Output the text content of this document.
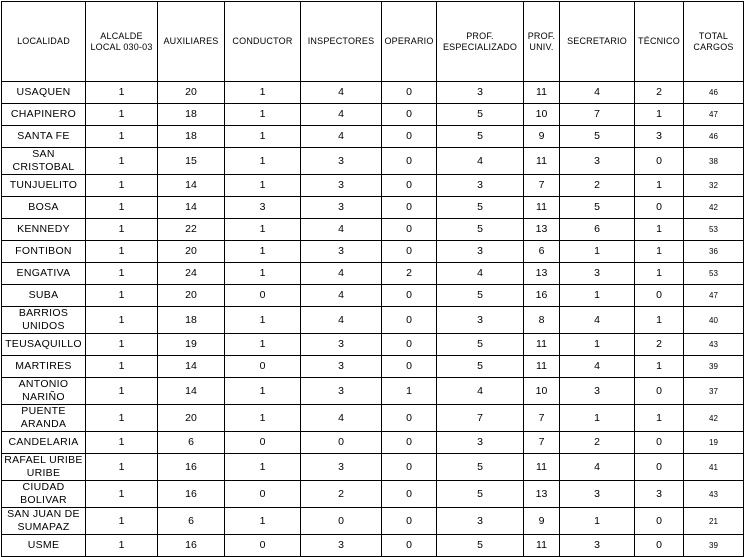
LOCALIDAD	ALCALDE LOCAL 030-03	AUXILIARES	CONDUCTOR	INSPECTORES	OPERARIO	PROF. ESPECIALIZADO	PROF. UNIV.	SECRETARIO	TÉCNICO	TOTAL CARGOS
USAQUEN	1	20	1	4	0	3	11	4	2	46
CHAPINERO	1	18	1	4	0	5	10	7	1	47
SANTA FE	1	18	1	4	0	5	9	5	3	46
SAN CRISTOBAL	1	15	1	3	0	4	11	3	0	38
TUNJUELITO	1	14	1	3	0	3	7	2	1	32
BOSA	1	14	3	3	0	5	11	5	0	42
KENNEDY	1	22	1	4	0	5	13	6	1	53
FONTIBON	1	20	1	3	0	3	6	1	1	36
ENGATIVA	1	24	1	4	2	4	13	3	1	53
SUBA	1	20	0	4	0	5	16	1	0	47
BARRIOS UNIDOS	1	18	1	4	0	3	8	4	1	40
TEUSAQUILLO	1	19	1	3	0	5	11	1	2	43
MARTIRES	1	14	0	3	0	5	11	4	1	39
ANTONIO NARIÑO	1	14	1	3	1	4	10	3	0	37
PUENTE ARANDA	1	20	1	4	0	7	7	1	1	42
CANDELARIA	1	6	0	0	0	3	7	2	0	19
RAFAEL URIBE URIBE	1	16	1	3	0	5	11	4	0	41
CIUDAD BOLIVAR	1	16	0	2	0	5	13	3	3	43
SAN JUAN DE SUMAPAZ	1	6	1	0	0	3	9	1	0	21
USME	1	16	0	3	0	5	11	3	0	39
